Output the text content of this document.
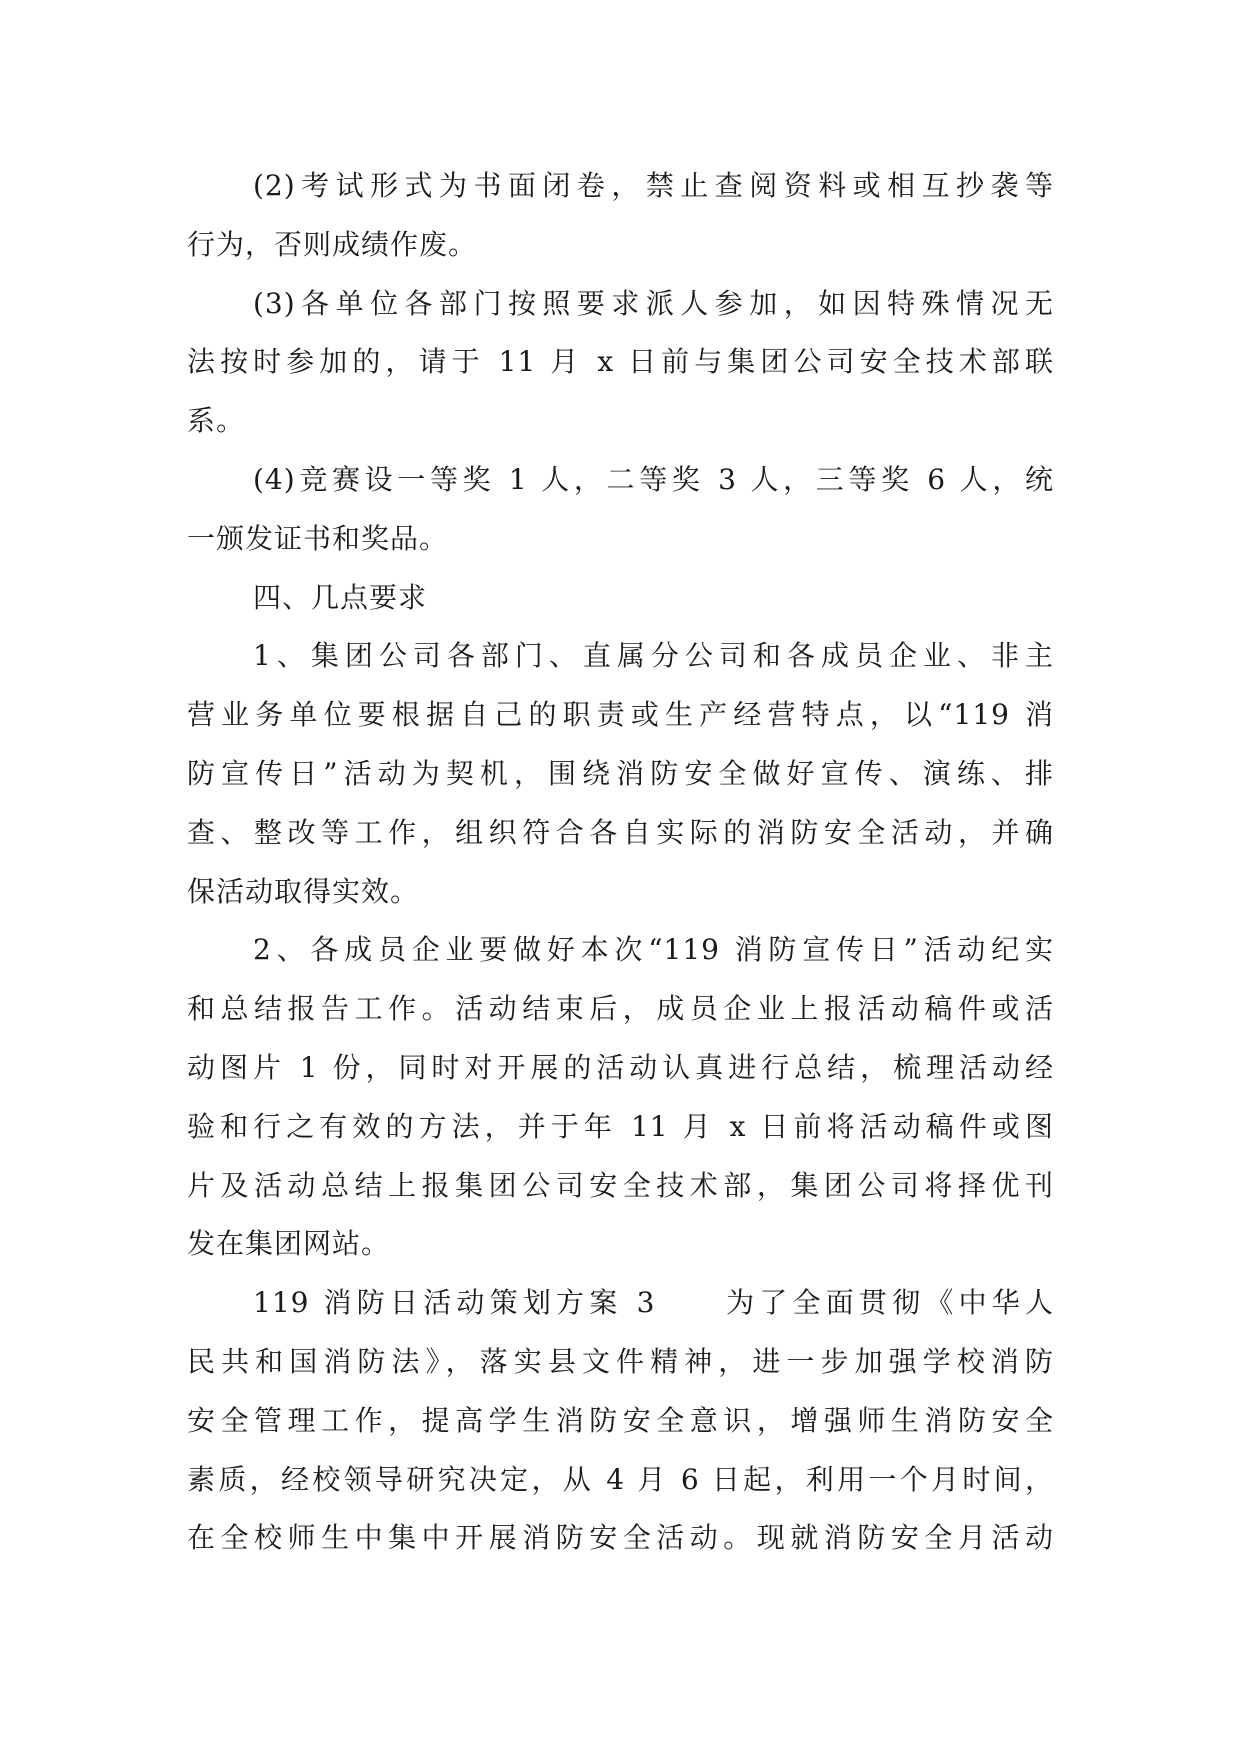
(2)考试形式为书面闭卷，禁止查阅资料或相互抄袭等
行为，否则成绩作废。
(3)各单位各部门按照要求派人参加，如因特殊情况无
法按时参加的，请于 11 月 x 日前与集团公司安全技术部联
系。
(4)竞赛设一等奖 1 人，二等奖 3 人，三等奖 6 人，统
一颁发证书和奖品。
四、几点要求
1、集团公司各部门、直属分公司和各成员企业、非主
营业务单位要根据自己的职责或生产经营特点，以“119 消
防宣传日”活动为契机，围绕消防安全做好宣传、演练、排
查、整改等工作，组织符合各自实际的消防安全活动，并确
保活动取得实效。
2、各成员企业要做好本次“119 消防宣传日”活动纪实
和总结报告工作。活动结束后，成员企业上报活动稿件或活
动图片 1 份，同时对开展的活动认真进行总结，梳理活动经
验和行之有效的方法，并于年 11 月 x 日前将活动稿件或图
片及活动总结上报集团公司安全技术部，集团公司将择优刊
发在集团网站。
119 消防日活动策划方案 3　　为了全面贯彻《中华人
民共和国消防法》，落实县文件精神，进一步加强学校消防
安全管理工作，提高学生消防安全意识，增强师生消防安全
素质，经校领导研究决定，从 4 月 6 日起，利用一个月时间，
在全校师生中集中开展消防安全活动。现就消防安全月活动
